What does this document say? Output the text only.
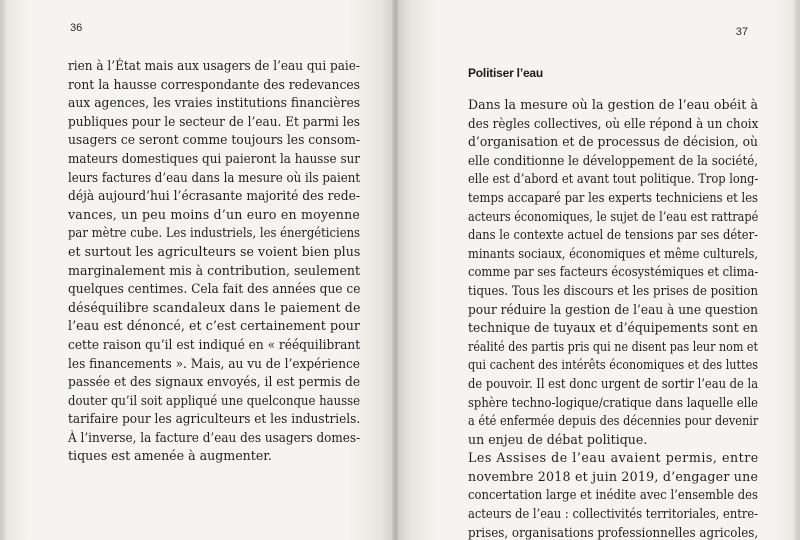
36
rien à l’État mais aux usagers de l’eau qui paie-
ront la hausse correspondante des redevances
aux agences, les vraies institutions financières
publiques pour le secteur de l’eau. Et parmi les
usagers ce seront comme toujours les consom-
mateurs domestiques qui paieront la hausse sur
leurs factures d’eau dans la mesure où ils paient
déjà aujourd’hui l’écrasante majorité des rede-
vances, un peu moins d’un euro en moyenne
par mètre cube. Les industriels, les énergéticiens
et surtout les agriculteurs se voient bien plus
marginalement mis à contribution, seulement
quelques centimes. Cela fait des années que ce
déséquilibre scandaleux dans le paiement de
l’eau est dénoncé, et c’est certainement pour
cette raison qu’il est indiqué en « rééquilibrant
les financements ». Mais, au vu de l’expérience
passée et des signaux envoyés, il est permis de
douter qu’il soit appliqué une quelconque hausse
tarifaire pour les agriculteurs et les industriels.
À l’inverse, la facture d’eau des usagers domes-
tiques est amenée à augmenter.
37
Politiser l’eau
Dans la mesure où la gestion de l’eau obéit à
des règles collectives, où elle répond à un choix
d’organisation et de processus de décision, où
elle conditionne le développement de la société,
elle est d’abord et avant tout politique. Trop long-
temps accaparé par les experts techniciens et les
acteurs économiques, le sujet de l’eau est rattrapé
dans le contexte actuel de tensions par ses déter-
minants sociaux, économiques et même culturels,
comme par ses facteurs écosystémiques et clima-
tiques. Tous les discours et les prises de position
pour réduire la gestion de l’eau à une question
technique de tuyaux et d’équipements sont en
réalité des partis pris qui ne disent pas leur nom et
qui cachent des intérêts économiques et des luttes
de pouvoir. Il est donc urgent de sortir l’eau de la
sphère techno-logique/cratique dans laquelle elle
a été enfermée depuis des décennies pour devenir
un enjeu de débat politique.
Les Assises de l’eau avaient permis, entre
novembre 2018 et juin 2019, d’engager une
concertation large et inédite avec l’ensemble des
acteurs de l’eau : collectivités territoriales, entre-
prises, organisations professionnelles agricoles,
